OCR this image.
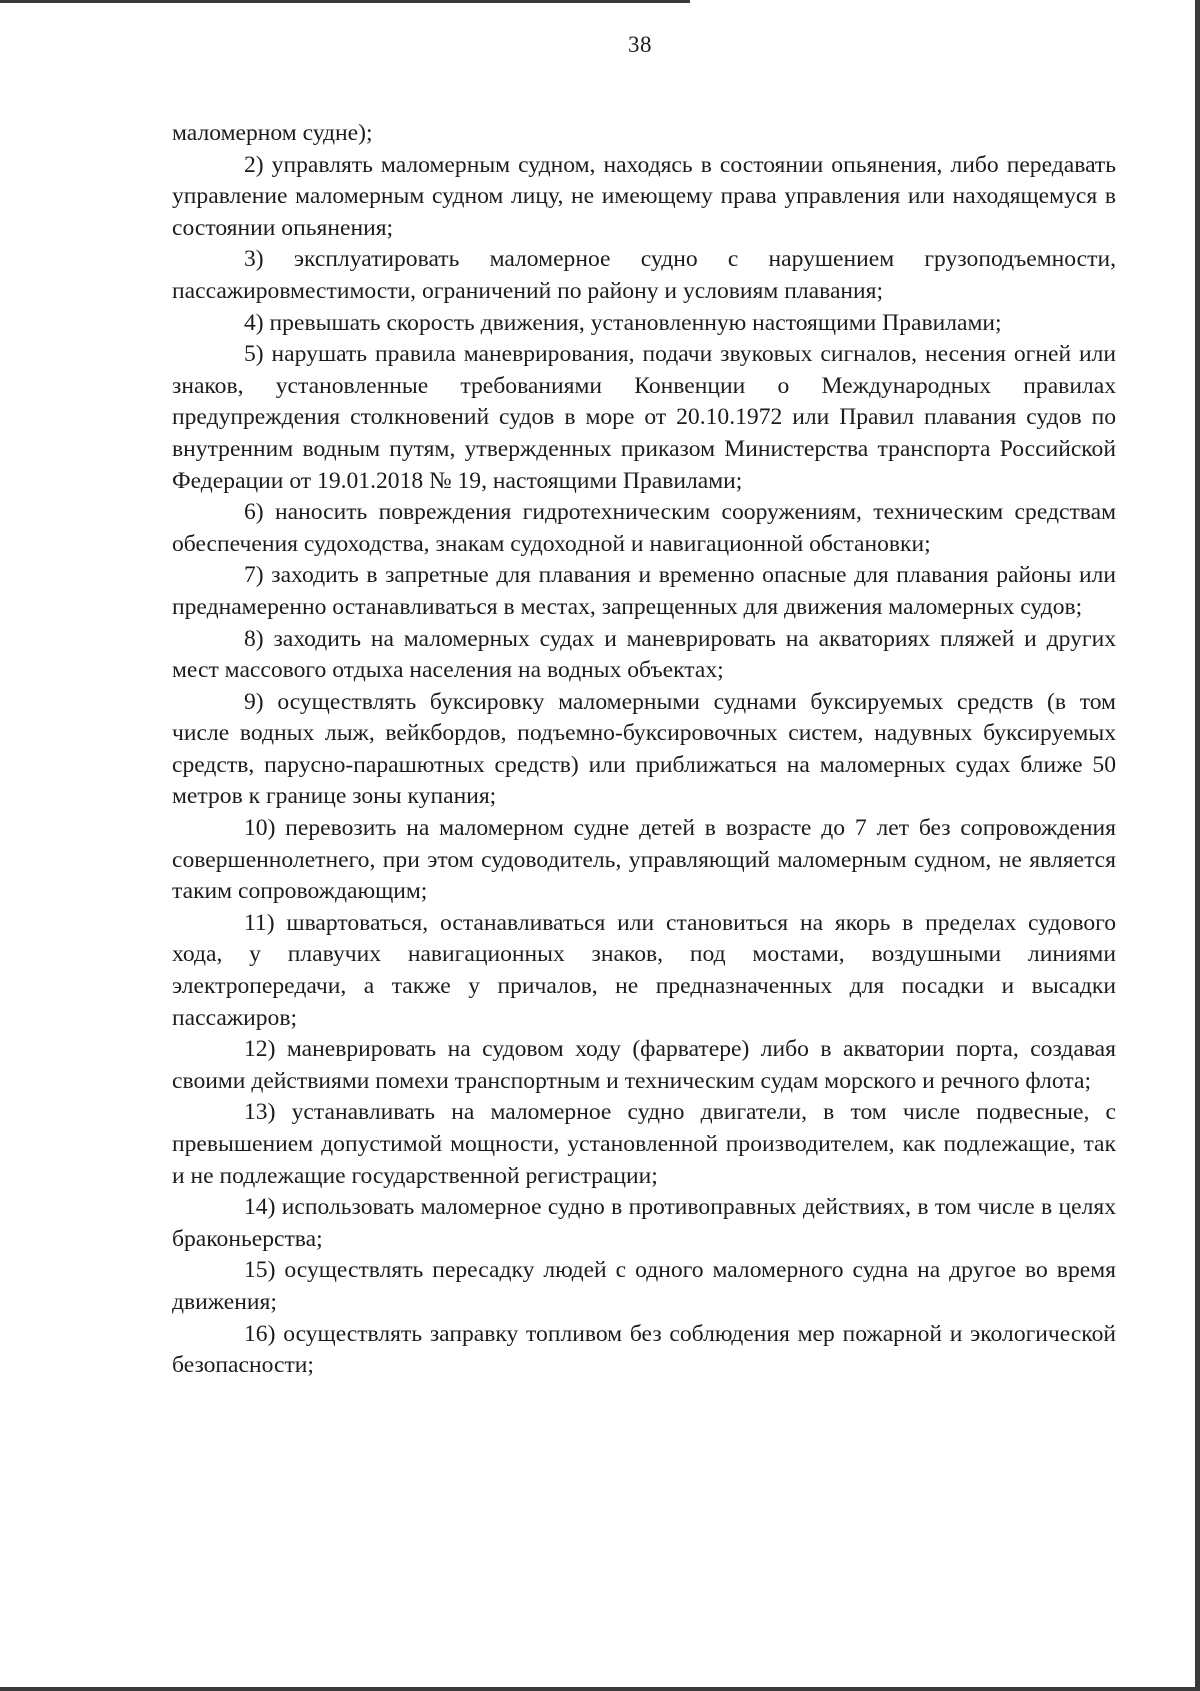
38

маломерном судне);

2) управлять маломерным судном, находясь в состоянии опьянения, либо передавать управление маломерным судном лицу, не имеющему права управления или находящемуся в состоянии опьянения;

3) эксплуатировать маломерное судно с нарушением грузоподъемности, пассажировместимости, ограничений по району и условиям плавания;

4) превышать скорость движения, установленную настоящими Правилами;

5) нарушать правила маневрирования, подачи звуковых сигналов, несения огней или знаков, установленные требованиями Конвенции о Международных правилах предупреждения столкновений судов в море от 20.10.1972 или Правил плавания судов по внутренним водным путям, утвержденных приказом Министерства транспорта Российской Федерации от 19.01.2018 № 19, настоящими Правилами;

6) наносить повреждения гидротехническим сооружениям, техническим средствам обеспечения судоходства, знакам судоходной и навигационной обстановки;

7) заходить в запретные для плавания и временно опасные для плавания районы или преднамеренно останавливаться в местах, запрещенных для движения маломерных судов;

8) заходить на маломерных судах и маневрировать на акваториях пляжей и других мест массового отдыха населения на водных объектах;

9) осуществлять буксировку маломерными суднами буксируемых средств (в том числе водных лыж, вейкбордов, подъемно-буксировочных систем, надувных буксируемых средств, парусно-парашютных средств) или приближаться на маломерных судах ближе 50 метров к границе зоны купания;

10) перевозить на маломерном судне детей в возрасте до 7 лет без сопровождения совершеннолетнего, при этом судоводитель, управляющий маломерным судном, не является таким сопровождающим;

11) швартоваться, останавливаться или становиться на якорь в пределах судового хода, у плавучих навигационных знаков, под мостами, воздушными линиями электропередачи, а также у причалов, не предназначенных для посадки и высадки пассажиров;

12) маневрировать на судовом ходу (фарватере) либо в акватории порта, создавая своими действиями помехи транспортным и техническим судам морского и речного флота;

13) устанавливать на маломерное судно двигатели, в том числе подвесные, с превышением допустимой мощности, установленной производителем, как подлежащие, так и не подлежащие государственной регистрации;

14) использовать маломерное судно в противоправных действиях, в том числе в целях браконьерства;

15) осуществлять пересадку людей с одного маломерного судна на другое во время движения;

16) осуществлять заправку топливом без соблюдения мер пожарной и экологической безопасности;
